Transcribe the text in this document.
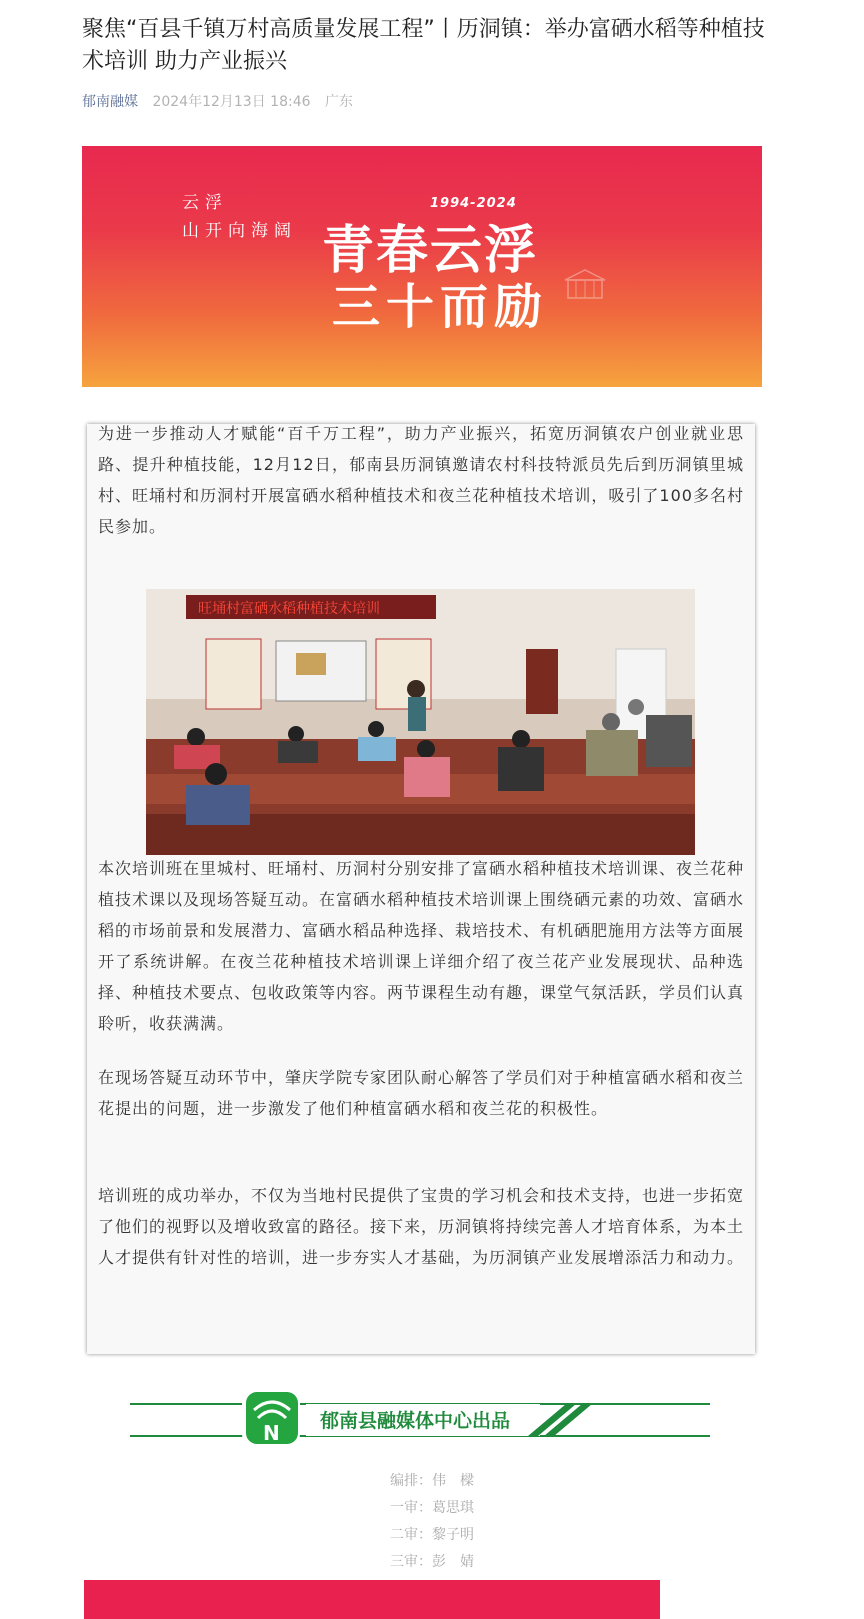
聚焦“百县千镇万村高质量发展工程”丨历洞镇：举办富硒水稻等种植技术培训 助力产业振兴
郁南融媒 2024年12月13日 18:46 广东
云浮
山开向海阔
1994-2024
青春云浮
三十而励

为进一步推动人才赋能“百千万工程”，助力产业振兴，拓宽历洞镇农户创业就业思路、提升种植技能，12月12日，郁南县历洞镇邀请农村科技特派员先后到历洞镇里城村、旺埇村和历洞村开展富硒水稻种植技术和夜兰花种植技术培训，吸引了100多名村民参加。

旺埇村富硒水稻种植技术培训

本次培训班在里城村、旺埇村、历洞村分别安排了富硒水稻种植技术培训课、夜兰花种植技术课以及现场答疑互动。在富硒水稻种植技术培训课上围绕硒元素的功效、富硒水稻的市场前景和发展潜力、富硒水稻品种选择、栽培技术、有机硒肥施用方法等方面展开了系统讲解。在夜兰花种植技术培训课上详细介绍了夜兰花产业发展现状、品种选择、种植技术要点、包收政策等内容。两节课程生动有趣，课堂气氛活跃，学员们认真聆听，收获满满。

在现场答疑互动环节中，肇庆学院专家团队耐心解答了学员们对于种植富硒水稻和夜兰花提出的问题，进一步激发了他们种植富硒水稻和夜兰花的积极性。

培训班的成功举办，不仅为当地村民提供了宝贵的学习机会和技术支持，也进一步拓宽了他们的视野以及增收致富的路径。接下来，历洞镇将持续完善人才培育体系，为本土人才提供有针对性的培训，进一步夯实人才基础，为历洞镇产业发展增添活力和动力。

N 郁南县融媒体中心出品
编排：伟　樑
一审：葛思琪
二审：黎子明
三审：彭　婧
